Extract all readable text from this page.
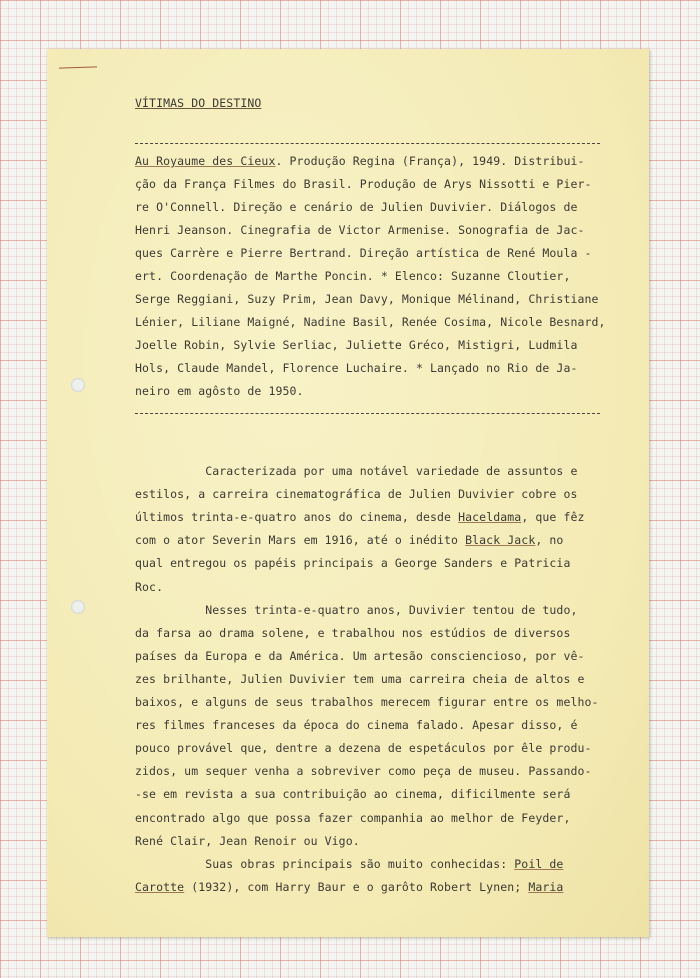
VÍTIMAS DO DESTINO
Au Royaume des Cieux. Produção Regina (França), 1949. Distribui-
ção da França Filmes do Brasil. Produção de Arys Nissotti e Pier-
re O'Connell. Direção e cenário de Julien Duvivier. Diálogos de
Henri Jeanson. Cinegrafia de Victor Armenise. Sonografia de Jac-
ques Carrère e Pierre Bertrand. Direção artística de René Moula -
ert. Coordenação de Marthe Poncin. * Elenco: Suzanne Cloutier,
Serge Reggiani, Suzy Prim, Jean Davy, Monique Mélinand, Christiane
Lénier, Liliane Maigné, Nadine Basil, Renée Cosima, Nicole Besnard,
Joelle Robin, Sylvie Serliac, Juliette Gréco, Mistigri, Ludmila
Hols, Claude Mandel, Florence Luchaire. * Lançado no Rio de Ja-
neiro em agôsto de 1950.
Caracterizada por uma notável variedade de assuntos e
estilos, a carreira cinematográfica de Julien Duvivier cobre os
últimos trinta-e-quatro anos do cinema, desde Haceldama, que fêz
com o ator Severin Mars em 1916, até o inédito Black Jack, no
qual entregou os papéis principais a George Sanders e Patricia
Roc.
Nesses trinta-e-quatro anos, Duvivier tentou de tudo,
da farsa ao drama solene, e trabalhou nos estúdios de diversos
países da Europa e da América. Um artesão consciencioso, por vê-
zes brilhante, Julien Duvivier tem uma carreira cheia de altos e
baixos, e alguns de seus trabalhos merecem figurar entre os melho-
res filmes franceses da época do cinema falado. Apesar disso, é
pouco provável que, dentre a dezena de espetáculos por êle produ-
zidos, um sequer venha a sobreviver como peça de museu. Passando-
-se em revista a sua contribuição ao cinema, dificilmente será
encontrado algo que possa fazer companhia ao melhor de Feyder,
René Clair, Jean Renoir ou Vigo.
Suas obras principais são muito conhecidas: Poil de
Carotte (1932), com Harry Baur e o garôto Robert Lynen; Maria
